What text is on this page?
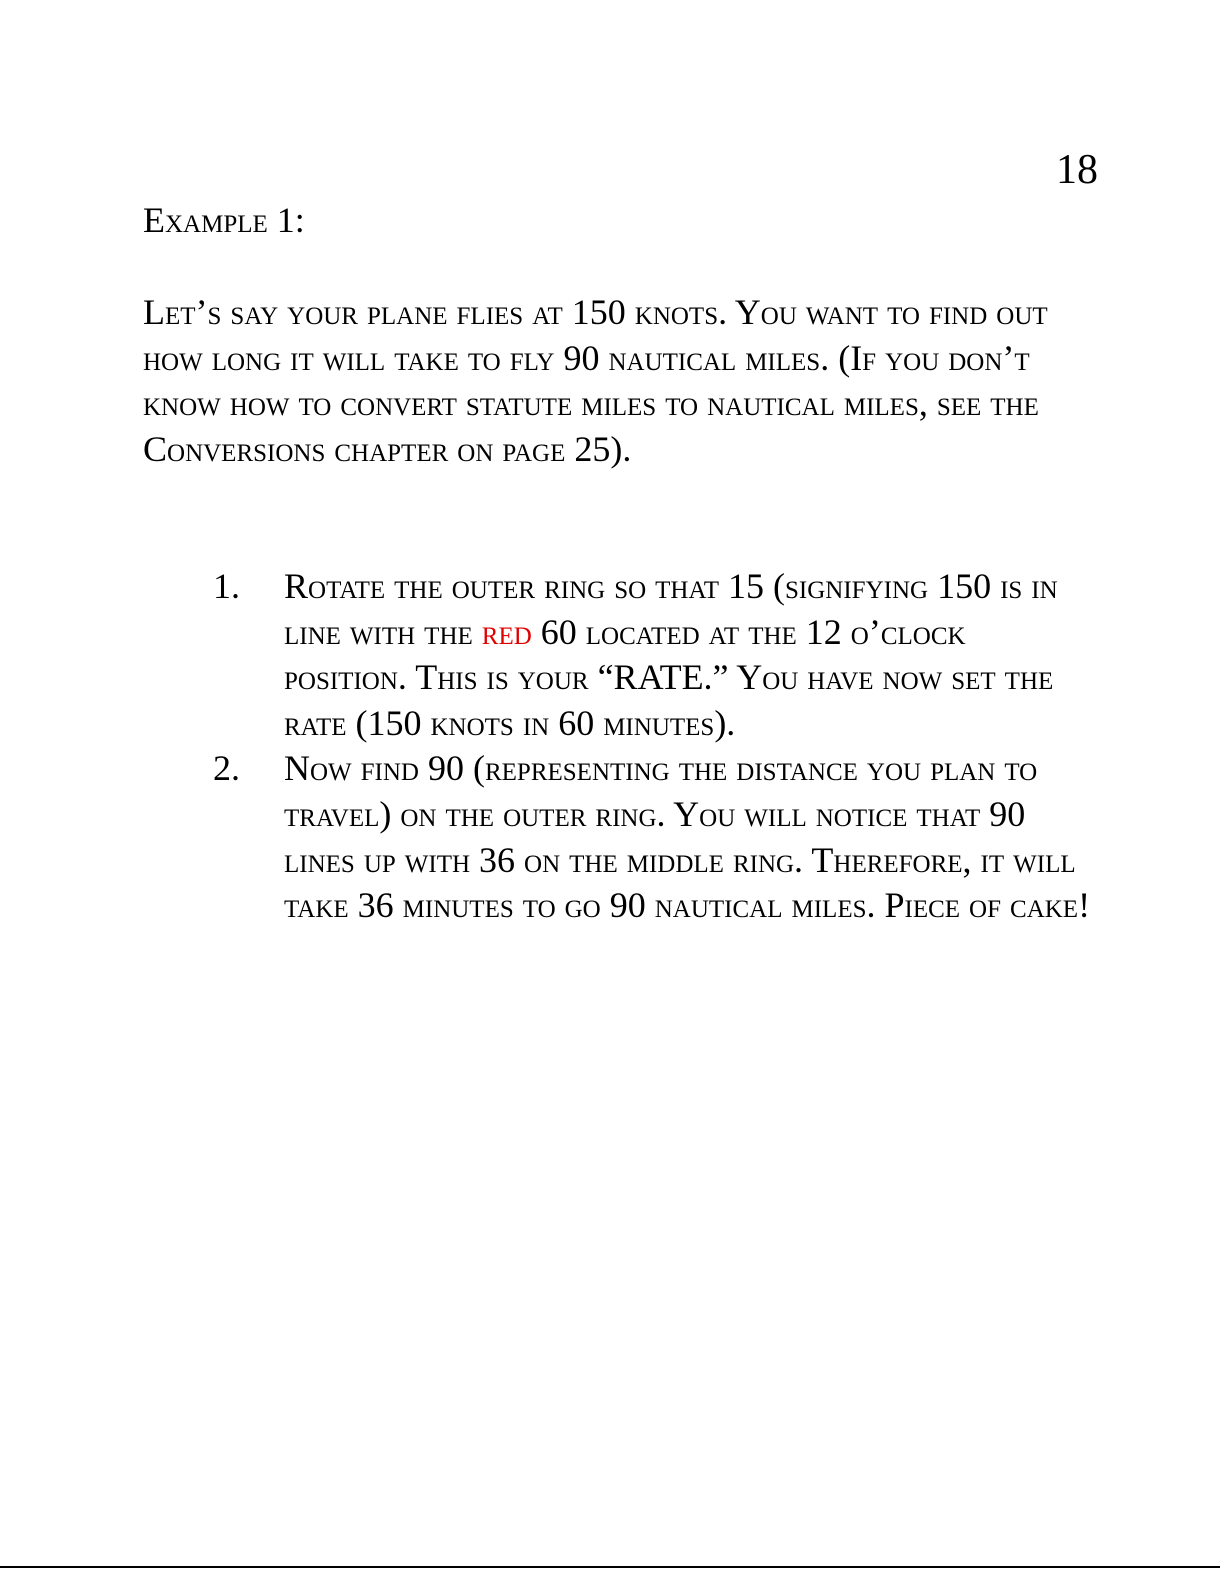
18
Example 1:

Let’s say your plane flies at 150 knots. You want to find out how long it will take to fly 90 nautical miles. (If you don’t know how to convert statute miles to nautical miles, see the Conversions chapter on page 25).

1. Rotate the outer ring so that 15 (signifying 150 is in line with the red 60 located at the 12 o’clock position. This is your “RATE.” You have now set the rate (150 knots in 60 minutes).
2. Now find 90 (representing the distance you plan to travel) on the outer ring. You will notice that 90 lines up with 36 on the middle ring. Therefore, it will take 36 minutes to go 90 nautical miles. Piece of cake!
